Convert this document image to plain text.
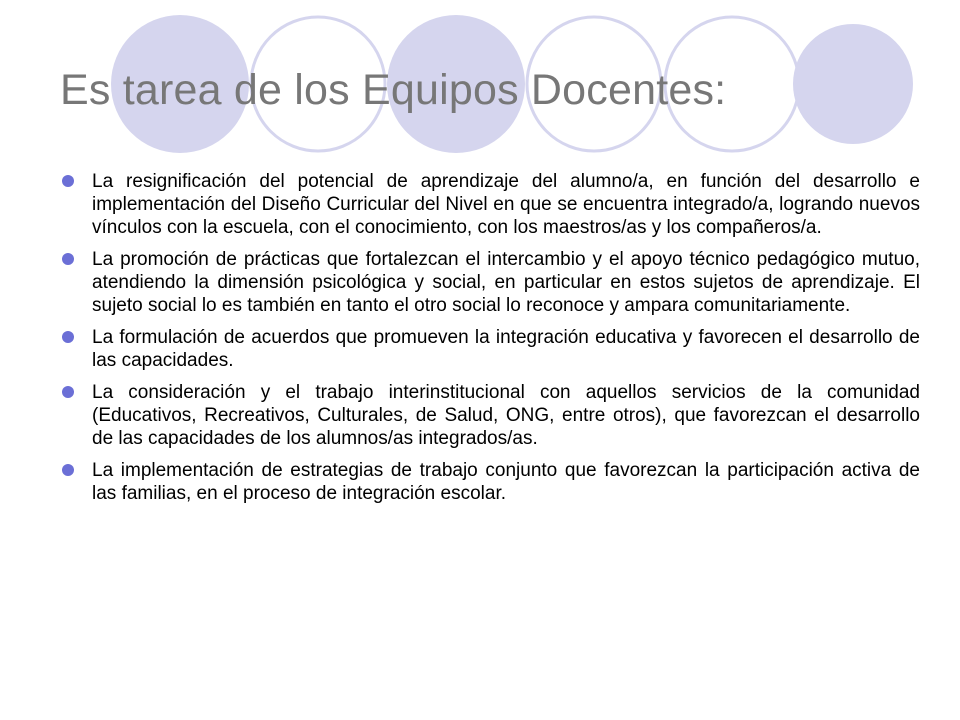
Es tarea de los Equipos Docentes:
La resignificación del potencial de aprendizaje del alumno/a, en función del desarrollo e implementación del Diseño Curricular del Nivel en que se encuentra integrado/a, logrando nuevos vínculos con la escuela, con el conocimiento, con los maestros/as y los compañeros/a.
La promoción de prácticas que fortalezcan el intercambio y el apoyo técnico pedagógico mutuo, atendiendo la dimensión psicológica y social, en particular en estos sujetos de aprendizaje. El sujeto social lo es también en tanto el otro social lo reconoce y ampara comunitariamente.
La formulación de acuerdos que promueven la integración educativa y favorecen el desarrollo de las capacidades.
La consideración y el trabajo interinstitucional con aquellos servicios de la comunidad (Educativos, Recreativos, Culturales, de Salud, ONG, entre otros), que favorezcan el desarrollo de las capacidades de los alumnos/as integrados/as.
La implementación de estrategias de trabajo conjunto que favorezcan la participación activa de las familias, en el proceso de integración escolar.
